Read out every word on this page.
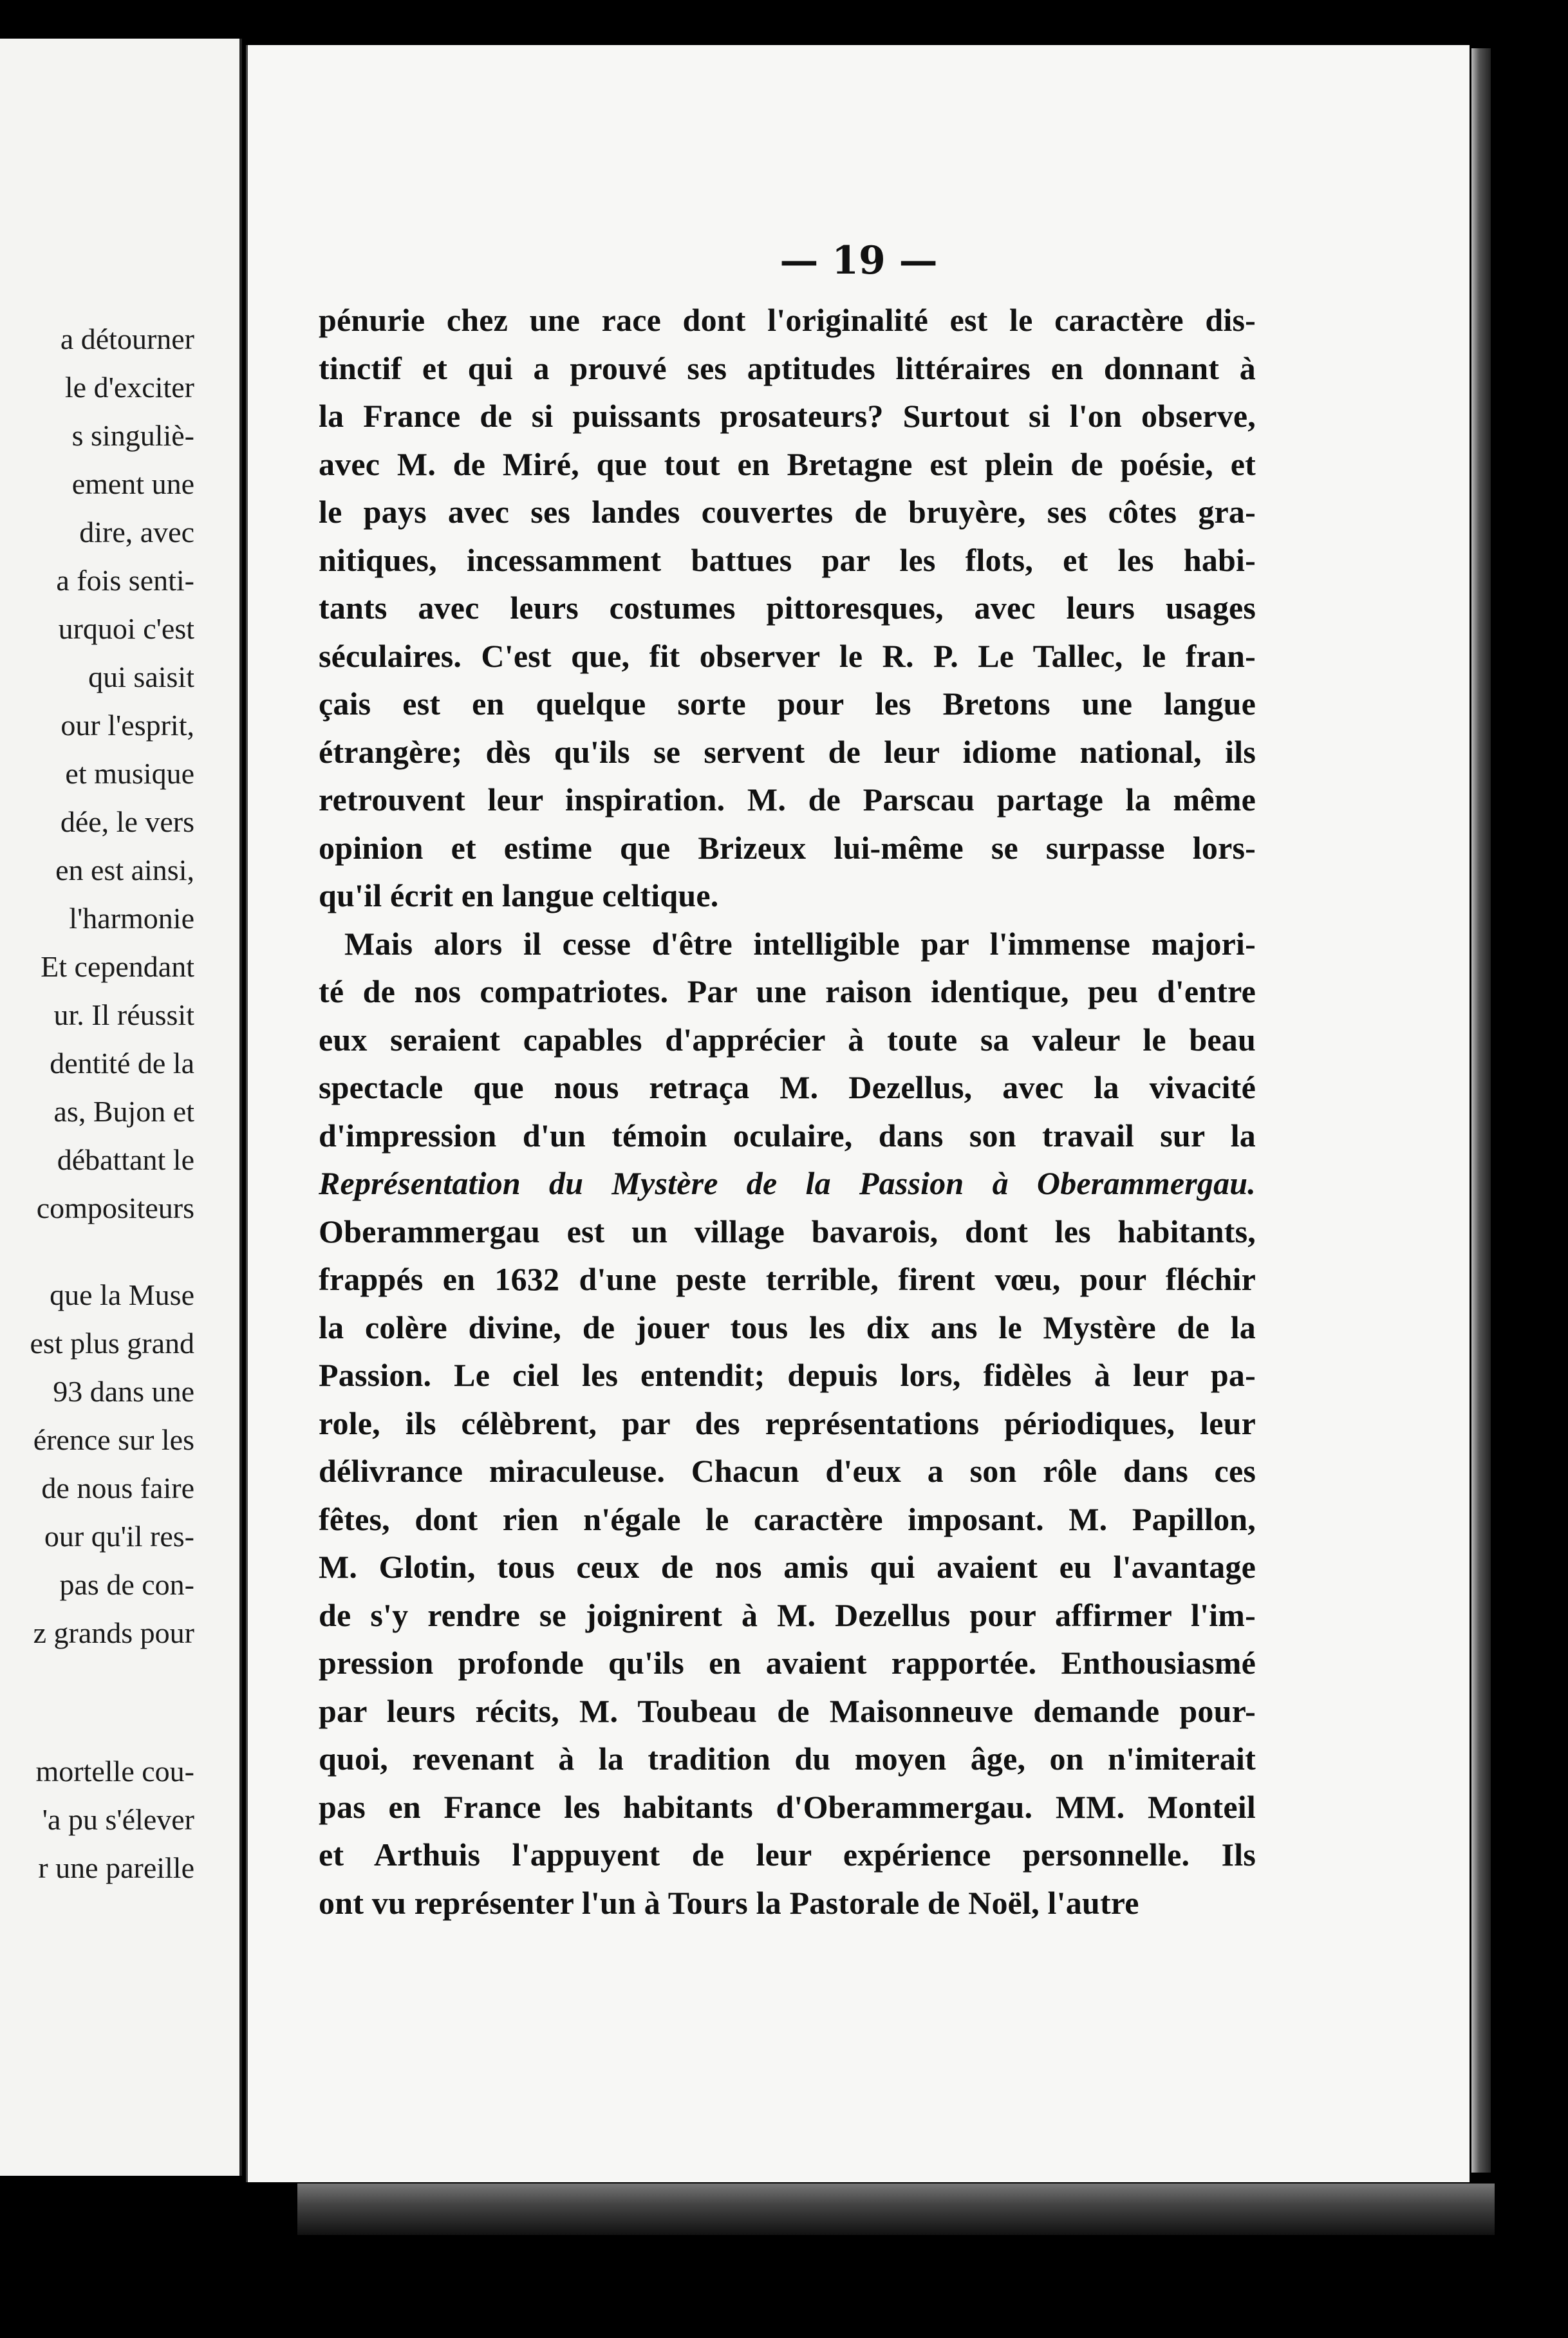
a détourner
le d'exciter
s singuliè-
ement une
dire, avec
a fois senti-
urquoi c'est
qui saisit
our l'esprit,
et musique
dée, le vers
en est ainsi,
l'harmonie
Et cependant
ur. Il réussit
dentité de la
as, Bujon et
débattant le
compositeurs
que la Muse
est plus grand
93 dans une
érence sur les
de nous faire
our qu'il res-
pas de con-
z grands pour
mortelle cou-
'a pu s'élever
r une pareille
— 19 —
pénurie chez une race dont l'originalité est le caractère dis-
tinctif et qui a prouvé ses aptitudes littéraires en donnant à
la France de si puissants prosateurs? Surtout si l'on observe,
avec M. de Miré, que tout en Bretagne est plein de poésie, et
le pays avec ses landes couvertes de bruyère, ses côtes gra-
nitiques, incessamment battues par les flots, et les habi-
tants avec leurs costumes pittoresques, avec leurs usages
séculaires. C'est que, fit observer le R. P. Le Tallec, le fran-
çais est en quelque sorte pour les Bretons une langue
étrangère; dès qu'ils se servent de leur idiome national, ils
retrouvent leur inspiration. M. de Parscau partage la même
opinion et estime que Brizeux lui-même se surpasse lors-
qu'il écrit en langue celtique.
Mais alors il cesse d'être intelligible par l'immense majori-
té de nos compatriotes. Par une raison identique, peu d'entre
eux seraient capables d'apprécier à toute sa valeur le beau
spectacle que nous retraça M. Dezellus, avec la vivacité
d'impression d'un témoin oculaire, dans son travail sur la
Représentation du Mystère de la Passion à Oberammergau.
Oberammergau est un village bavarois, dont les habitants,
frappés en 1632 d'une peste terrible, firent vœu, pour fléchir
la colère divine, de jouer tous les dix ans le Mystère de la
Passion. Le ciel les entendit; depuis lors, fidèles à leur pa-
role, ils célèbrent, par des représentations périodiques, leur
délivrance miraculeuse. Chacun d'eux a son rôle dans ces
fêtes, dont rien n'égale le caractère imposant. M. Papillon,
M. Glotin, tous ceux de nos amis qui avaient eu l'avantage
de s'y rendre se joignirent à M. Dezellus pour affirmer l'im-
pression profonde qu'ils en avaient rapportée. Enthousiasmé
par leurs récits, M. Toubeau de Maisonneuve demande pour-
quoi, revenant à la tradition du moyen âge, on n'imiterait
pas en France les habitants d'Oberammergau. MM. Monteil
et Arthuis l'appuyent de leur expérience personnelle. Ils
ont vu représenter l'un à Tours la Pastorale de Noël, l'autre
